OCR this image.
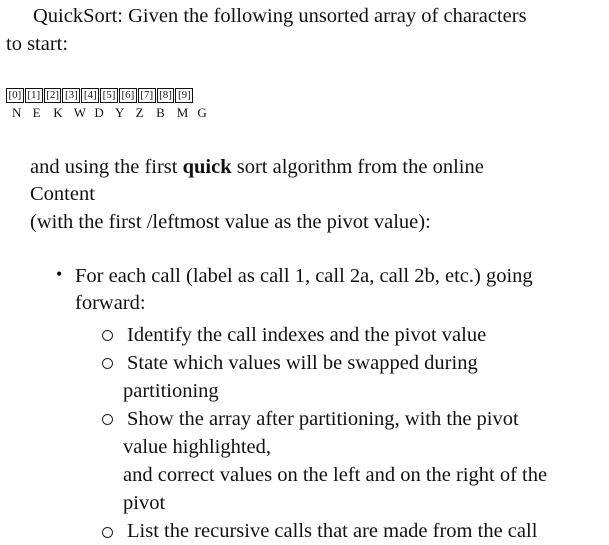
QuickSort: Given the following unsorted array of characters
to start:
[0] [1] [2] [3] [4] [5] [6] [7] [8] [9]
N E K W D Y Z B M G
and using the first quick sort algorithm from the online
Content
(with the first /leftmost value as the pivot value):
• For each call (label as call 1, call 2a, call 2b, etc.) going
forward:
Identify the call indexes and the pivot value
State which values will be swapped during
partitioning
Show the array after partitioning, with the pivot
value highlighted,
and correct values on the left and on the right of the
pivot
List the recursive calls that are made from the call
